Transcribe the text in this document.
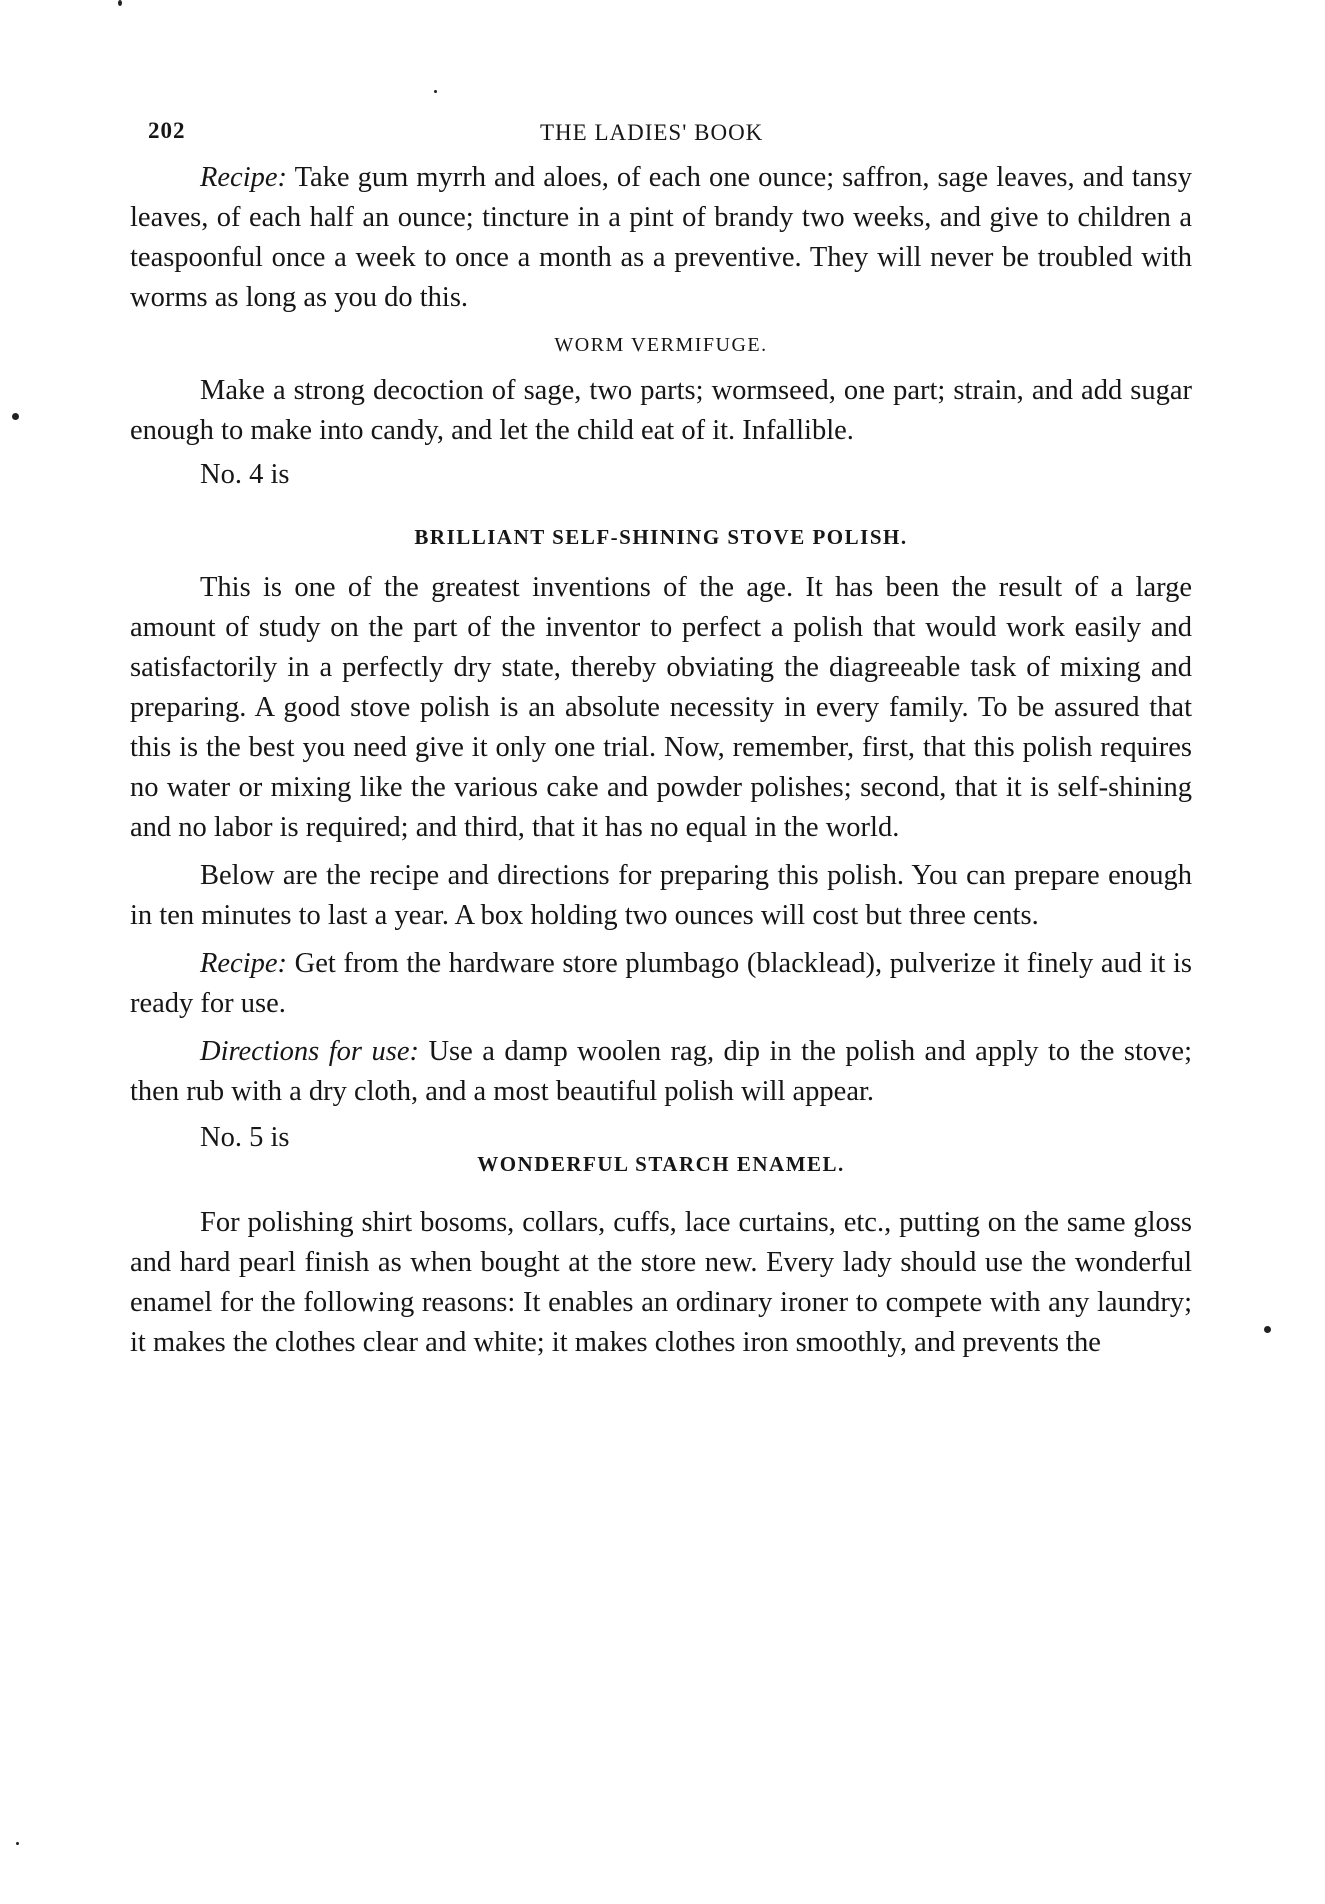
202	THE LADIES' BOOK

Recipe: Take gum myrrh and aloes, of each one ounce; saffron, sage leaves, and tansy leaves, of each half an ounce; tincture in a pint of brandy two weeks, and give to children a teaspoonful once a week to once a month as a preventive. They will never be troubled with worms as long as you do this.

WORM VERMIFUGE.

Make a strong decoction of sage, two parts; wormseed, one part; strain, and add sugar enough to make into candy, and let the child eat of it. Infallible.

No. 4 is

BRILLIANT SELF-SHINING STOVE POLISH.

This is one of the greatest inventions of the age. It has been the result of a large amount of study on the part of the inventor to perfect a polish that would work easily and satisfactorily in a perfectly dry state, thereby obviating the diagreeable task of mixing and preparing. A good stove polish is an absolute necessity in every family. To be assured that this is the best you need give it only one trial. Now, remember, first, that this polish requires no water or mixing like the various cake and powder polishes; second, that it is self-shining and no labor is required; and third, that it has no equal in the world.

Below are the recipe and directions for preparing this polish. You can prepare enough in ten minutes to last a year. A box holding two ounces will cost but three cents.

Recipe: Get from the hardware store plumbago (blacklead), pulverize it finely aud it is ready for use.

Directions for use: Use a damp woolen rag, dip in the polish and apply to the stove; then rub with a dry cloth, and a most beautiful polish will appear.

No. 5 is

WONDERFUL STARCH ENAMEL.

For polishing shirt bosoms, collars, cuffs, lace curtains, etc., putting on the same gloss and hard pearl finish as when bought at the store new. Every lady should use the wonderful enamel for the following reasons: It enables an ordinary ironer to compete with any laundry; it makes the clothes clear and white; it makes clothes iron smoothly, and prevents the
